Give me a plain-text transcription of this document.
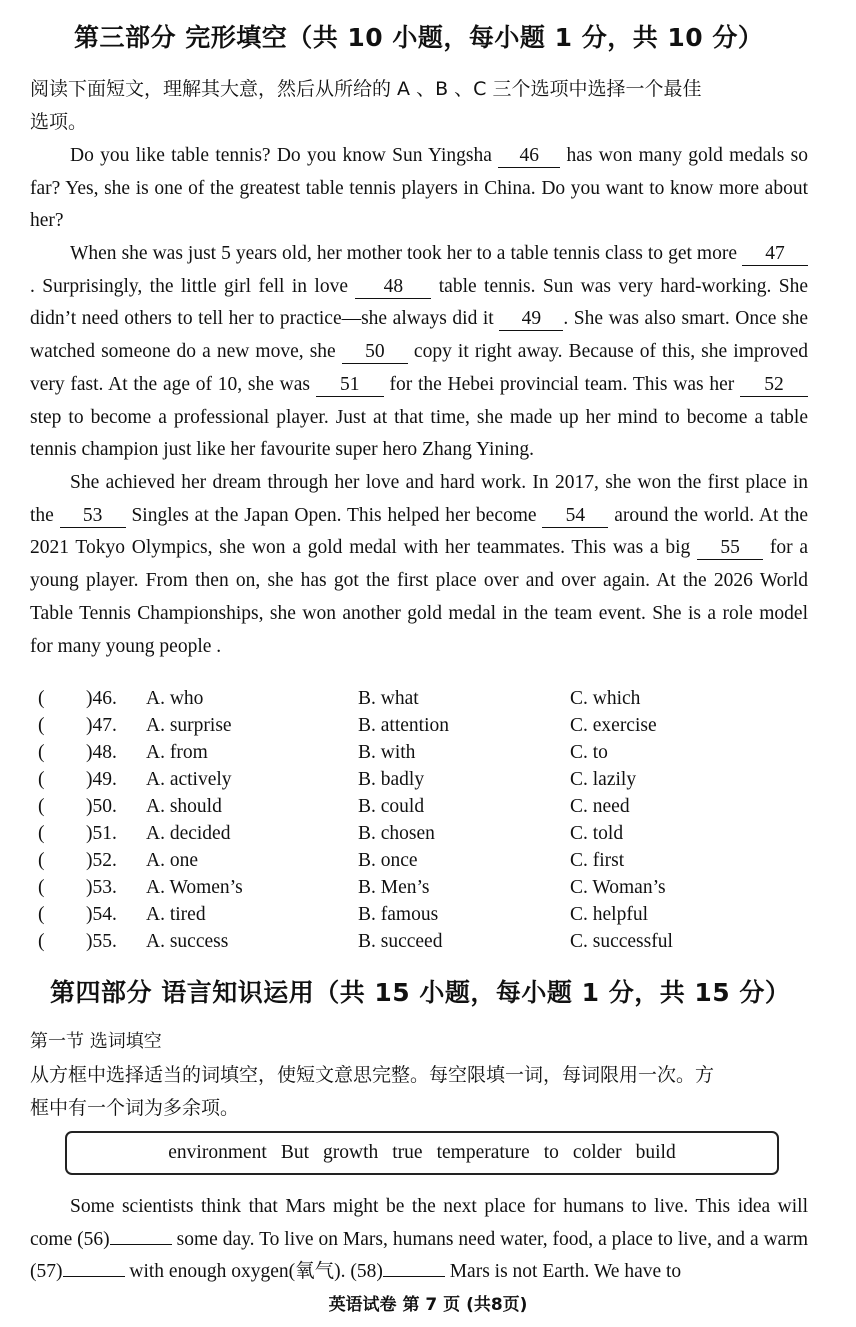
第三部分 完形填空（共 10 小题，每小题 1 分，共 10 分）
阅读下面短文，理解其大意，然后从所给的 A 、B 、C 三个选项中选择一个最佳
选项。

Do you like table tennis? Do you know Sun Yingsha 46 has won many gold medals so far? Yes, she is one of the greatest table tennis players in China. Do you want to know more about her?

When she was just 5 years old, her mother took her to a table tennis class to get more 47. Surprisingly, the little girl fell in love 48 table tennis. Sun was very hard-working. She didn’t need others to tell her to practice—she always did it 49 . She was also smart. Once she watched someone do a new move, she 50 copy it right away. Because of this, she improved very fast. At the age of 10, she was 51 for the Hebei provincial team. This was her 52 step to become a professional player. Just at that time, she made up her mind to become a table tennis champion just like her favourite super hero Zhang Yining.

She achieved her dream through her love and hard work. In 2017, she won the first place in the 53 Singles at the Japan Open. This helped her become 54 around the world. At the 2021 Tokyo Olympics, she won a gold medal with her teammates. This was a big 55 for a young player. From then on, she has got the first place over and over again. At the 2026 World Table Tennis Championships, she won another gold medal in the team event. She is a role model for many young people .

( )46. A. who	B. what	C. which
( )47. A. surprise	B. attention	C. exercise
( )48. A. from	B. with	C. to
( )49. A. actively	B. badly	C. lazily
( )50. A. should	B. could	C. need
( )51. A. decided	B. chosen	C. told
( )52. A. one	B. once	C. first
( )53. A. Women’s	B. Men’s	C. Woman’s
( )54. A. tired	B. famous	C. helpful
( )55. A. success	B. succeed	C. successful
第四部分 语言知识运用（共 15 小题，每小题 1 分，共 15 分）
第一节 选词填空
从方框中选择适当的词填空，使短文意思完整。每空限填一词，每词限用一次。方
框中有一个词为多余项。
environment But growth true temperature to colder build

Some scientists think that Mars might be the next place for humans to live. This idea will come (56)	some day. To live on Mars, humans need water, food, a place to live, and a warm (57)	with enough oxygen(氧气). (58)	Mars is not Earth. We have to

英语试卷 第 7 页 (共8页)
